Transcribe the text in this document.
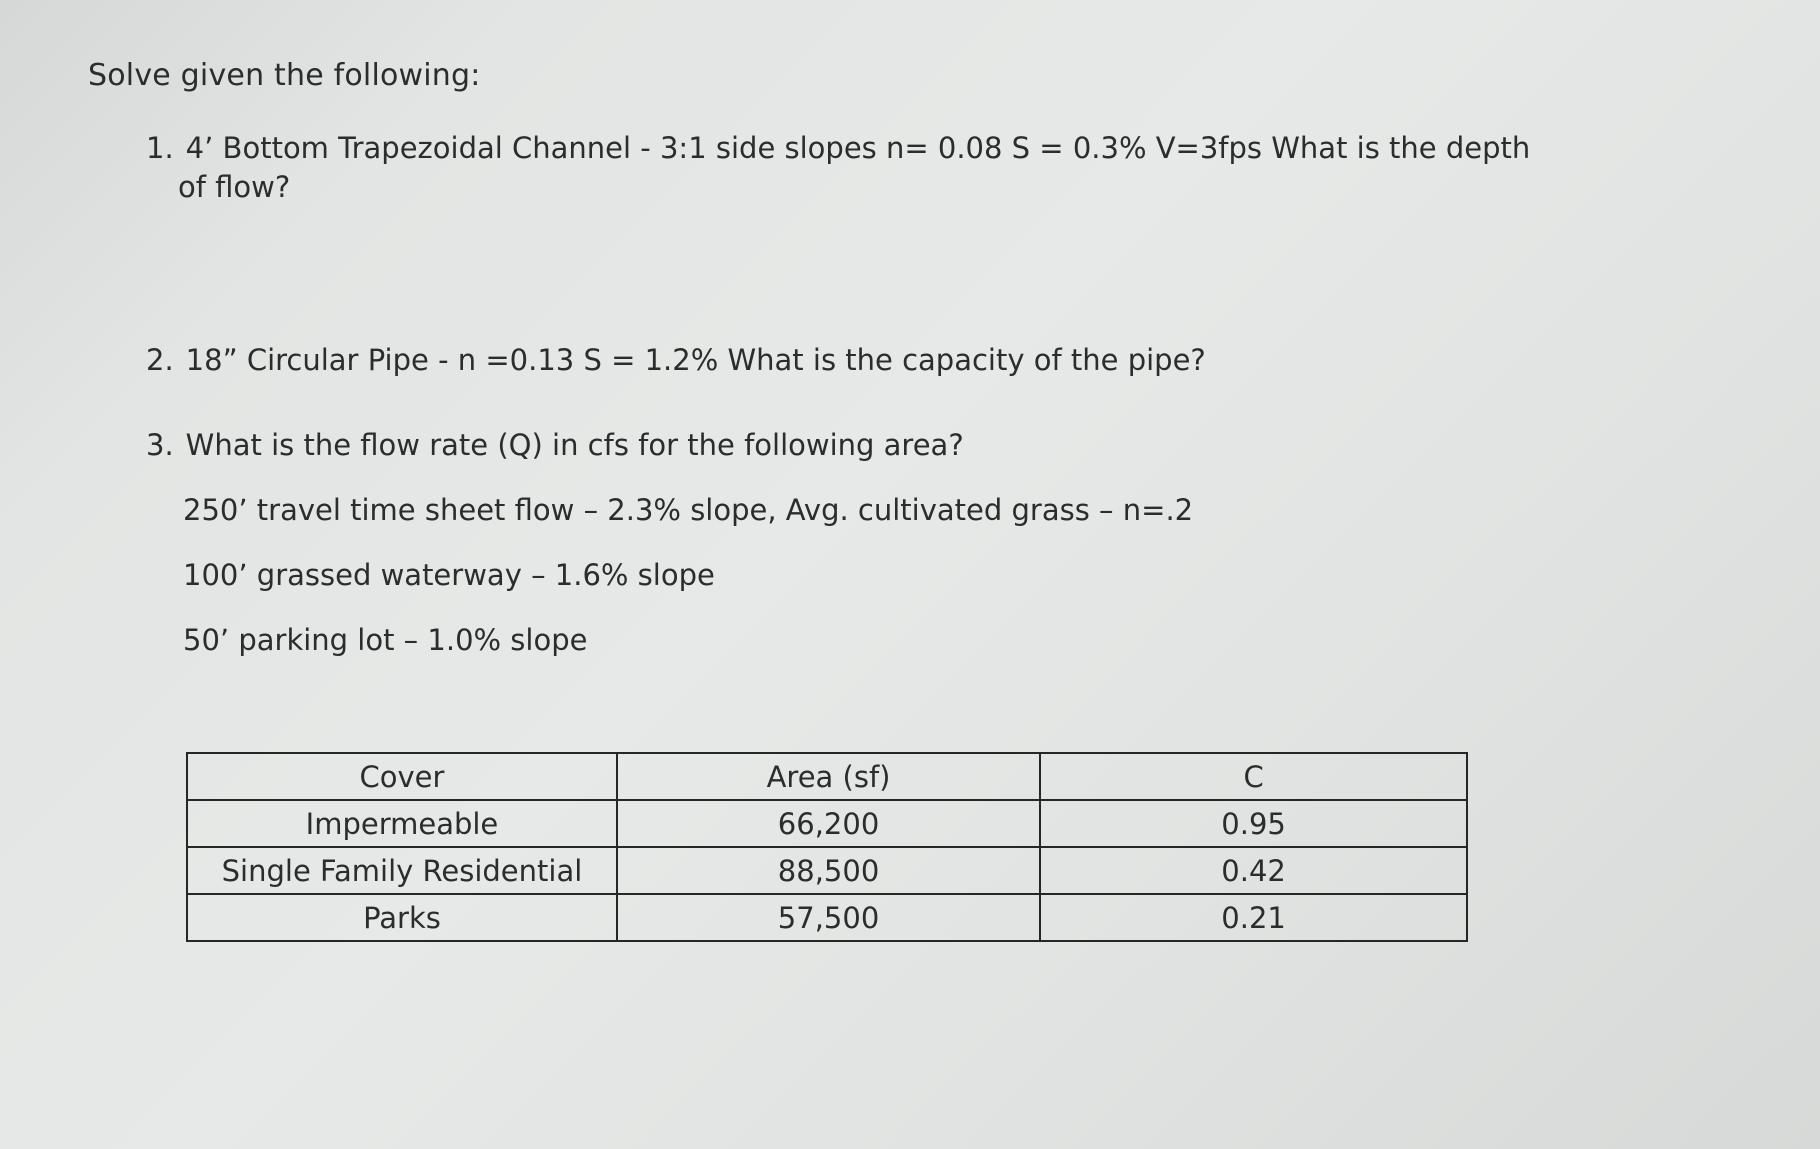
Solve given the following:
1. 4’ Bottom Trapezoidal Channel - 3:1 side slopes n= 0.08 S = 0.3% V=3fps What is the depth
of flow?
2. 18” Circular Pipe - n =0.13 S = 1.2% What is the capacity of the pipe?
3. What is the flow rate (Q) in cfs for the following area?
250’ travel time sheet flow – 2.3% slope, Avg. cultivated grass – n=.2
100’ grassed waterway – 1.6% slope
50’ parking lot – 1.0% slope
Cover	Area (sf)	C
Impermeable	66,200	0.95
Single Family Residential	88,500	0.42
Parks	57,500	0.21
